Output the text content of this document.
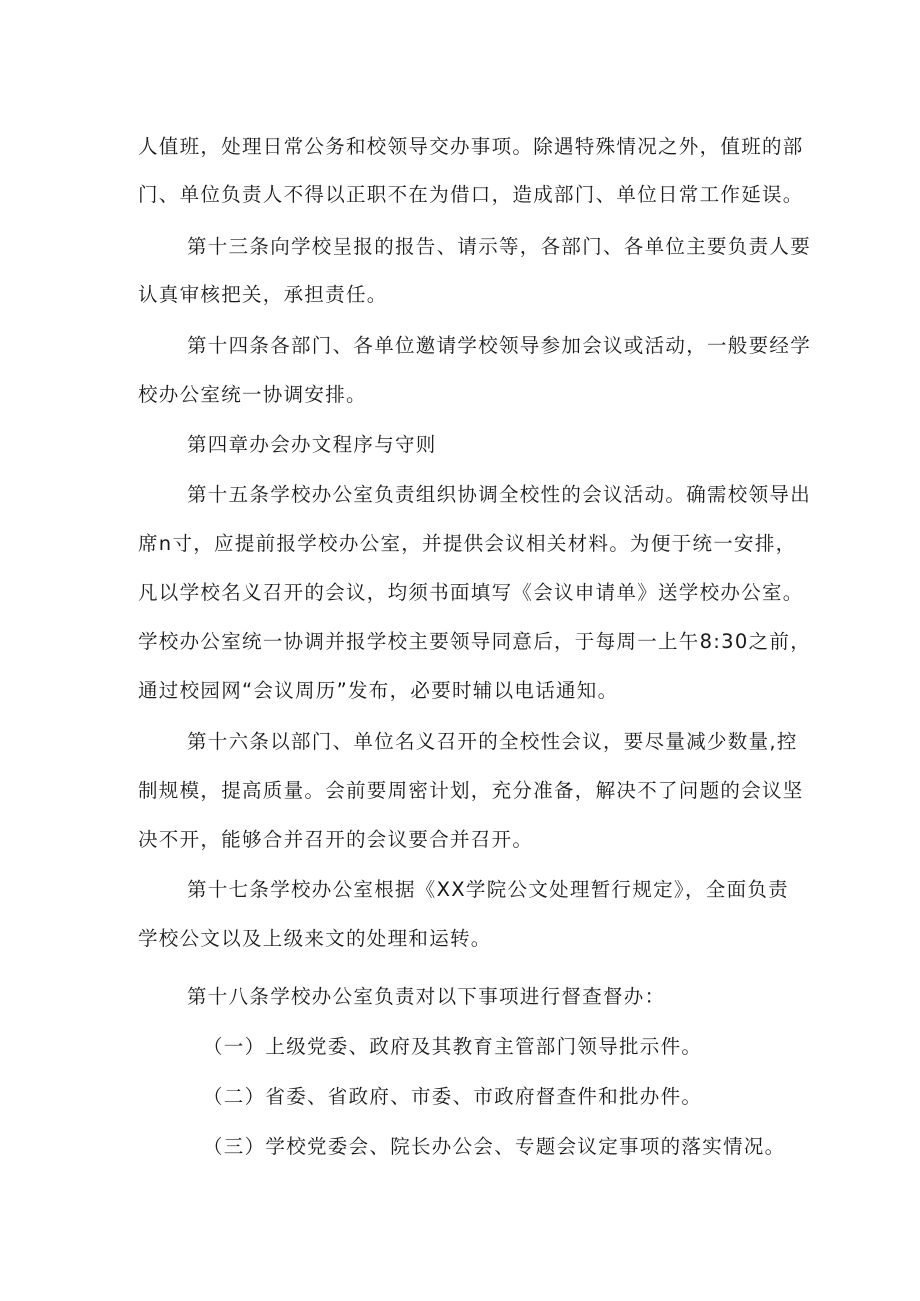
人值班，处理日常公务和校领导交办事项。除遇特殊情况之外，值班的部
门、单位负责人不得以正职不在为借口，造成部门、单位日常工作延误。
第十三条向学校呈报的报告、请示等，各部门、各单位主要负责人要
认真审核把关，承担责任。
第十四条各部门、各单位邀请学校领导参加会议或活动，一般要经学
校办公室统一协调安排。
第四章办会办文程序与守则
第十五条学校办公室负责组织协调全校性的会议活动。确需校领导出
席n寸，应提前报学校办公室，并提供会议相关材料。为便于统一安排，
凡以学校名义召开的会议，均须书面填写《会议申请单》送学校办公室。
学校办公室统一协调并报学校主要领导同意后，于每周一上午8:30之前，
通过校园网“会议周历”发布，必要时辅以电话通知。
第十六条以部门、单位名义召开的全校性会议，要尽量减少数量,控
制规模，提高质量。会前要周密计划，充分准备，解决不了问题的会议坚
决不开，能够合并召开的会议要合并召开。
第十七条学校办公室根据《XX学院公文处理暂行规定》，全面负责
学校公文以及上级来文的处理和运转。
第十八条学校办公室负责对以下事项进行督查督办：
（一）上级党委、政府及其教育主管部门领导批示件。
（二）省委、省政府、市委、市政府督查件和批办件。
（三）学校党委会、院长办公会、专题会议定事项的落实情况。
